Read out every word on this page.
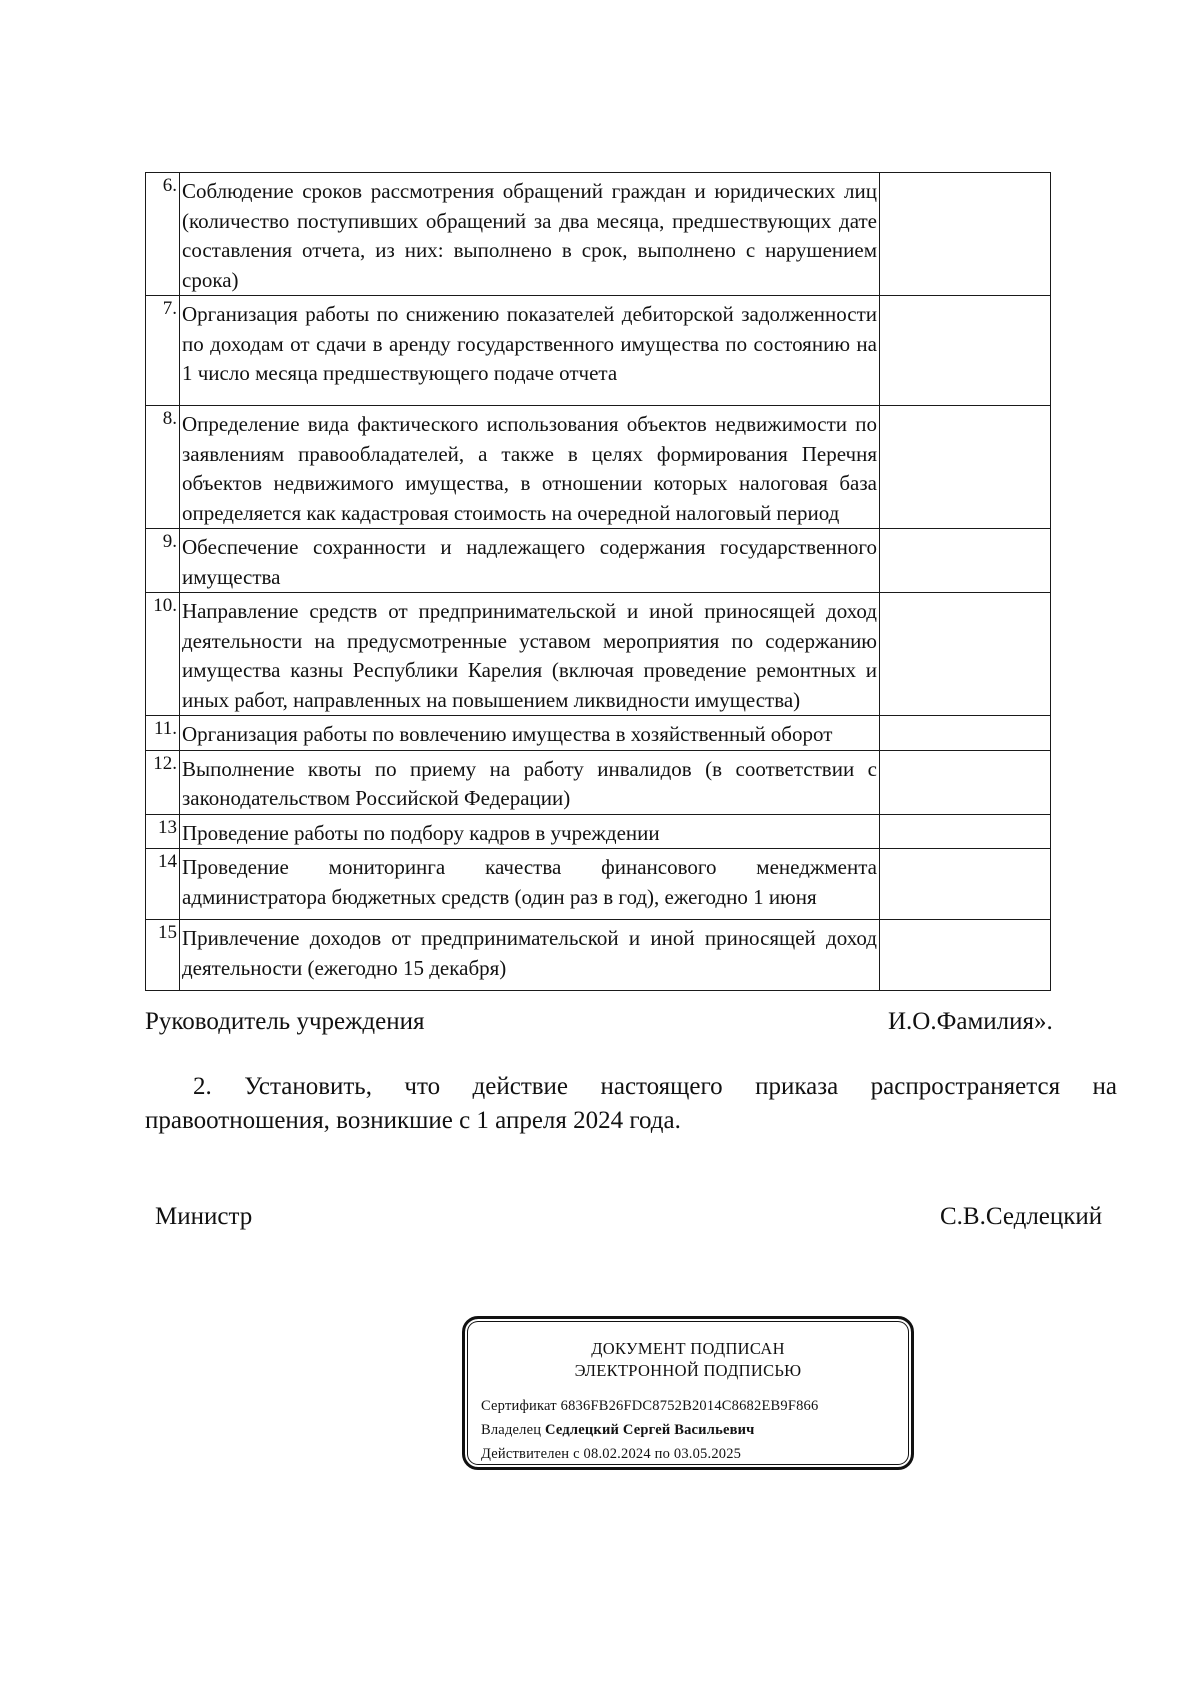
6.	Соблюдение сроков рассмотрения обращений граждан и юридических лиц (количество поступивших обращений за два месяца, предшествующих дате составления отчета, из них: выполнено в срок, выполнено с нарушением срока)	
7.	Организация работы по снижению показателей дебиторской задолженности по доходам от сдачи в аренду государственного имущества по состоянию на 1 число месяца предшествующего подаче отчета	
8.	Определение вида фактического использования объектов недвижимости по заявлениям правообладателей, а также в целях формирования Перечня объектов недвижимого имущества, в отношении которых налоговая база определяется как кадастровая стоимость на очередной налоговый период	
9.	Обеспечение сохранности и надлежащего содержания государственного имущества	
10.	Направление средств от предпринимательской и иной приносящей доход деятельности на предусмотренные уставом мероприятия по содержанию имущества казны Республики Карелия (включая проведение ремонтных и иных работ, направленных на повышением ликвидности имущества)	
11.	Организация работы по вовлечению имущества в хозяйственный оборот	
12.	Выполнение квоты по приему на работу инвалидов (в соответствии с законодательством Российской Федерации)	
13	Проведение работы по подбору кадров в учреждении	
14	Проведение мониторинга качества финансового менеджмента администратора бюджетных средств (один раз в год), ежегодно 1 июня	
15	Привлечение доходов от предпринимательской и иной приносящей доход деятельности (ежегодно 15 декабря)	
Руководитель учреждения	И.О.Фамилия».

2. Установить, что действие настоящего приказа распространяется на правоотношения, возникшие с 1 апреля 2024 года.

Министр	С.В.Седлецкий
ДОКУМЕНТ ПОДПИСАН
ЭЛЕКТРОННОЙ ПОДПИСЬЮ
Сертификат 6836FB26FDC8752B2014C8682EB9F866
Владелец Седлецкий Сергей Васильевич
Действителен с 08.02.2024 по 03.05.2025
